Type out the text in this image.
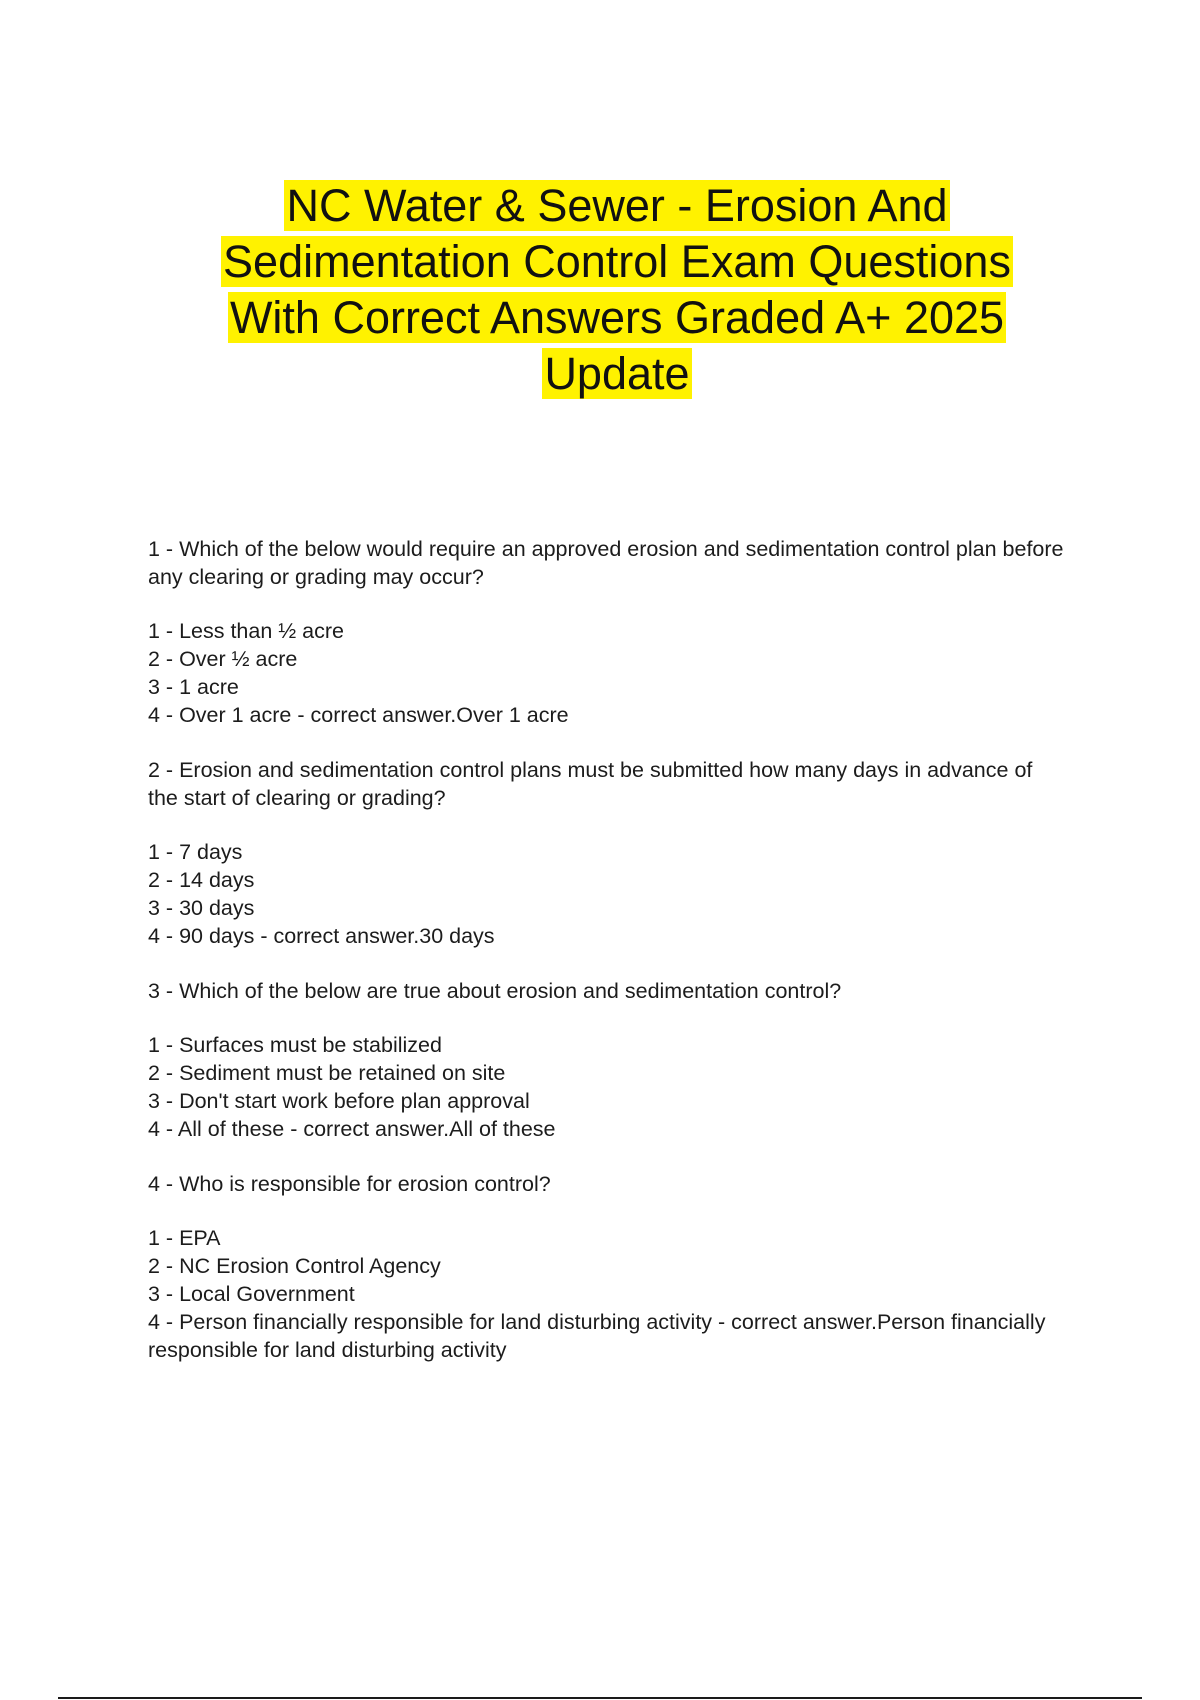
NC Water & Sewer - Erosion And
Sedimentation Control Exam Questions
With Correct Answers Graded A+ 2025
Update

1 - Which of the below would require an approved erosion and sedimentation control plan before any clearing or grading may occur?

1 - Less than ½ acre
2 - Over ½ acre
3 - 1 acre
4 - Over 1 acre - correct answer.Over 1 acre

2 - Erosion and sedimentation control plans must be submitted how many days in advance of the start of clearing or grading?

1 - 7 days
2 - 14 days
3 - 30 days
4 - 90 days - correct answer.30 days

3 - Which of the below are true about erosion and sedimentation control?

1 - Surfaces must be stabilized
2 - Sediment must be retained on site
3 - Don't start work before plan approval
4 - All of these - correct answer.All of these

4 - Who is responsible for erosion control?

1 - EPA
2 - NC Erosion Control Agency
3 - Local Government
4 - Person financially responsible for land disturbing activity - correct answer.Person financially responsible for land disturbing activity
